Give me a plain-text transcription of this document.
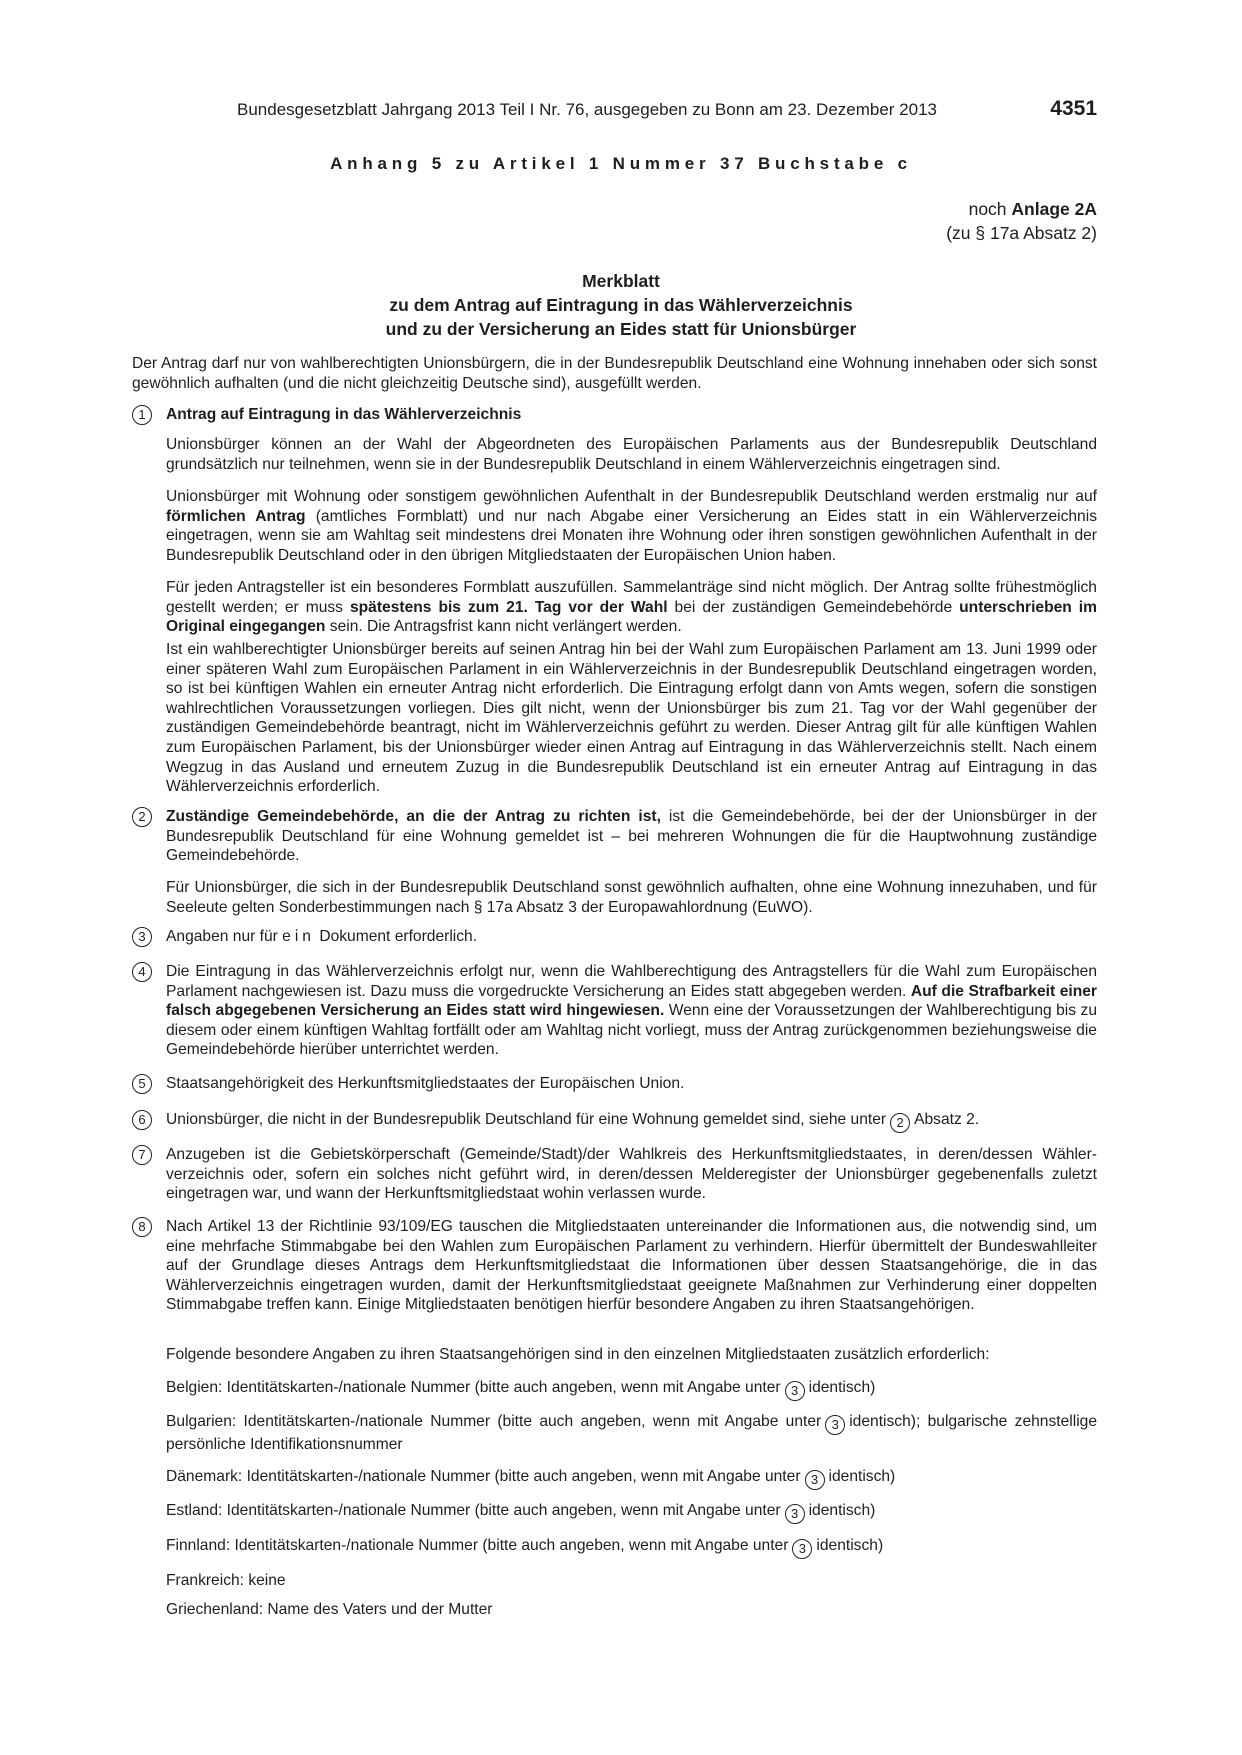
Bundesgesetzblatt Jahrgang 2013 Teil I Nr. 76, ausgegeben zu Bonn am 23. Dezember 2013	4351
Anhang 5 zu Artikel 1 Nummer 37 Buchstabe c
noch Anlage 2A
(zu § 17a Absatz 2)
Merkblatt
zu dem Antrag auf Eintragung in das Wählerverzeichnis
und zu der Versicherung an Eides statt für Unionsbürger

Der Antrag darf nur von wahlberechtigten Unionsbürgern, die in der Bundesrepublik Deutschland eine Wohnung innehaben oder sich sonst gewöhnlich aufhalten (und die nicht gleichzeitig Deutsche sind), ausgefüllt werden.

1	Antrag auf Eintragung in das Wählerverzeichnis

Unionsbürger können an der Wahl der Abgeordneten des Europäischen Parlaments aus der Bundesrepublik Deutschland grundsätzlich nur teilnehmen, wenn sie in der Bundesrepublik Deutschland in einem Wählerverzeichnis eingetragen sind.

Unionsbürger mit Wohnung oder sonstigem gewöhnlichen Aufenthalt in der Bundesrepublik Deutschland werden erstmalig nur auf förmlichen Antrag (amtliches Formblatt) und nur nach Abgabe einer Versicherung an Eides statt in ein Wählerverzeichnis eingetragen, wenn sie am Wahltag seit mindestens drei Monaten ihre Wohnung oder ihren sonstigen gewöhnlichen Aufenthalt in der Bundesrepublik Deutschland oder in den übrigen Mitgliedstaaten der Europäischen Union haben.

Für jeden Antragsteller ist ein besonderes Formblatt auszufüllen. Sammelanträge sind nicht möglich. Der Antrag sollte frühestmöglich gestellt werden; er muss spätestens bis zum 21. Tag vor der Wahl bei der zuständigen Gemeindebehörde unterschrieben im Original eingegangen sein. Die Antragsfrist kann nicht verlängert werden.

Ist ein wahlberechtigter Unionsbürger bereits auf seinen Antrag hin bei der Wahl zum Europäischen Parlament am 13. Juni 1999 oder einer späteren Wahl zum Europäischen Parlament in ein Wählerverzeichnis in der Bundesrepublik Deutschland eingetragen worden, so ist bei künftigen Wahlen ein erneuter Antrag nicht erforderlich. Die Eintragung erfolgt dann von Amts wegen, sofern die sonstigen wahlrechtlichen Voraussetzungen vorliegen. Dies gilt nicht, wenn der Unionsbürger bis zum 21. Tag vor der Wahl gegenüber der zuständigen Gemeindebehörde beantragt, nicht im Wählerverzeichnis geführt zu werden. Dieser Antrag gilt für alle künftigen Wahlen zum Europäischen Parlament, bis der Unionsbürger wieder einen Antrag auf Eintragung in das Wählerverzeichnis stellt. Nach einem Wegzug in das Ausland und erneutem Zuzug in die Bundesrepublik Deutschland ist ein erneuter Antrag auf Eintragung in das Wählerverzeichnis erforderlich.

2	Zuständige Gemeindebehörde, an die der Antrag zu richten ist, ist die Gemeindebehörde, bei der der Unionsbürger in der Bundesrepublik Deutschland für eine Wohnung gemeldet ist – bei mehreren Wohnungen die für die Hauptwohnung zuständige Gemeindebehörde.

Für Unionsbürger, die sich in der Bundesrepublik Deutschland sonst gewöhnlich aufhalten, ohne eine Wohnung innezuhaben, und für Seeleute gelten Sonderbestimmungen nach § 17a Absatz 3 der Europawahlordnung (EuWO).

3	Angaben nur für ein Dokument erforderlich.

4	Die Eintragung in das Wählerverzeichnis erfolgt nur, wenn die Wahlberechtigung des Antragstellers für die Wahl zum Europäischen Parlament nachgewiesen ist. Dazu muss die vorgedruckte Versicherung an Eides statt abgegeben werden. Auf die Strafbarkeit einer falsch abgegebenen Versicherung an Eides statt wird hingewiesen. Wenn eine der Voraussetzungen der Wahlberechtigung bis zu diesem oder einem künftigen Wahltag fortfällt oder am Wahltag nicht vorliegt, muss der Antrag zurückgenommen beziehungsweise die Gemeindebehörde hierüber unterrichtet werden.

5	Staatsangehörigkeit des Herkunftsmitgliedstaates der Europäischen Union.

6	Unionsbürger, die nicht in der Bundesrepublik Deutschland für eine Wohnung gemeldet sind, siehe unter 2 Absatz 2.

7	Anzugeben ist die Gebietskörperschaft (Gemeinde/Stadt)/der Wahlkreis des Herkunftsmitgliedstaates, in deren/dessen Wählerverzeichnis oder, sofern ein solches nicht geführt wird, in deren/dessen Melderegister der Unionsbürger gegebenenfalls zuletzt eingetragen war, und wann der Herkunftsmitgliedstaat wohin verlassen wurde.

8	Nach Artikel 13 der Richtlinie 93/109/EG tauschen die Mitgliedstaaten untereinander die Informationen aus, die notwendig sind, um eine mehrfache Stimmabgabe bei den Wahlen zum Europäischen Parlament zu verhindern. Hierfür übermittelt der Bundeswahlleiter auf der Grundlage dieses Antrags dem Herkunftsmitgliedstaat die Informationen über dessen Staatsangehörige, die in das Wählerverzeichnis eingetragen wurden, damit der Herkunftsmitgliedstaat geeignete Maßnahmen zur Verhinderung einer doppelten Stimmabgabe treffen kann. Einige Mitgliedstaaten benötigen hierfür besondere Angaben zu ihren Staatsangehörigen.

Folgende besondere Angaben zu ihren Staatsangehörigen sind in den einzelnen Mitgliedstaaten zusätzlich erforderlich:

Belgien: Identitätskarten-/nationale Nummer (bitte auch angeben, wenn mit Angabe unter 3 identisch)

Bulgarien: Identitätskarten-/nationale Nummer (bitte auch angeben, wenn mit Angabe unter 3 identisch); bulgarische zehnstellige persönliche Identifikationsnummer

Dänemark: Identitätskarten-/nationale Nummer (bitte auch angeben, wenn mit Angabe unter 3 identisch)

Estland: Identitätskarten-/nationale Nummer (bitte auch angeben, wenn mit Angabe unter 3 identisch)

Finnland: Identitätskarten-/nationale Nummer (bitte auch angeben, wenn mit Angabe unter 3 identisch)

Frankreich: keine

Griechenland: Name des Vaters und der Mutter
